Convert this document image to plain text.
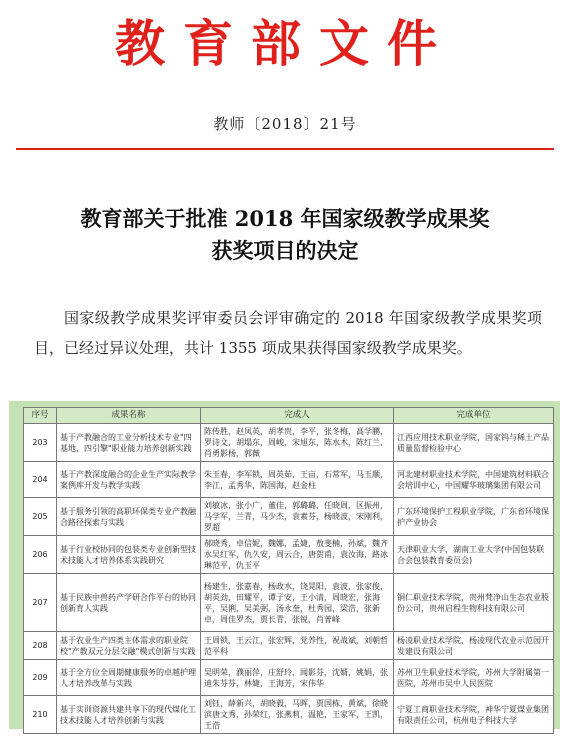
教育部文件
教师〔2018〕21号
教育部关于批准 2018 年国家级教学成果奖
获奖项目的决定

国家级教学成果奖评审委员会评审确定的 2018 年国家级教学成果奖项目，已经过异议处理，共计 1355 项成果获得国家级教学成果奖。

序号	成果名称	完成人	完成单位
203	基于产教融合的工业分析技术专业"四基地、四引擎"职业能力培养创新实践	陈传胜，赵凤英，胡孝贵，李平，张冬梅，高学鹏，罗诗文，胡塌东，周峻，宋旭东，陈水木，陈红兰，肖勇影杨，郭薇	江西应用技术职业学院，国家钨与稀土产品质量监督检验中心
204	基于产教深度融合的企业生产实际教学案例库开发与教学实践	朱玉春，李军锁，周英茹，王亩，石常军，马玉顺，李江，孟秀华，陈国海，赵金柱	河北建材职业技术学院，中国建筑材料联合会培训中心，中国耀华玻璃集团有限公司
205	基于服务引领的高职环保类专业产教融合路径探索与实践	刘敏冰，张小广，董佳，郭璐璐，任晓周，区振州，马学军，兰青，马少杰，袁素芬，杨晓波，宋刚利，罗超	广东环境保护工程职业学院，广东省环境保护产业协会
206	基于行业校协同的包装类专业创新型技术技能人才培养体系实践研究	郝晓秀，卓信妮，魏娜，孟婕，敖斐楠，孙斌，魏齐水吴红军，仇久安，周云合，唐贺甫，袁汝海，路冰琳范平，仇玉平	天津职业大学，湖南工业大学(中国包装联合会包装教育委员会)
207	基于民族中兽药产学研合作平台的协同创新育人实践	杨建生，张嘉春，杨政水，饶晃阳，袁波，张家俊，胡英劲，田耀平，谭子安，王小清，周晓宏，张海平，吴俐，吴美弼，汤永奎，杜秀园，梁浩，张新卓，周佳罗杰，贾长青，张锐，肖菁峰	铜仁职业技术学院，贵州梵净山生态农业股份公司，贵州启程生物科技有限公司
208	基于农业生产四类主体需求的职业院校"产教双元分层交融"模式创新与实践	王周锁，王云江，张宏辉，党养性，祝战斌，刘朝哲范平科	杨凌职业技术学院，杨凌现代农业示范园开发建设有限公司
209	基于全方位全周期健康服务的卓越护理人才培养改革与实践	吴明荣，濮丽萍，庄舒玲，闻影芬，沈婿，姚娟，张迪朱芬芬，林婕，王海芳，宋伟华	苏州卫生职业技术学院，苏州大学附属第一医院，苏州市吴中人民医院
210	基于实训资源共建共享下的现代煤化工技术技能人才培养创新与实践	刘钰，薛新兴，胡晓毅，马晖，贾国栋，黄斌，徐晓滨唐文秀，孙荣红，张燕莉，温艳，王家军，王凯，王浩	宁夏工商职业技术学院，神华宁夏煤业集团有限责任公司，杭州电子科技大学
